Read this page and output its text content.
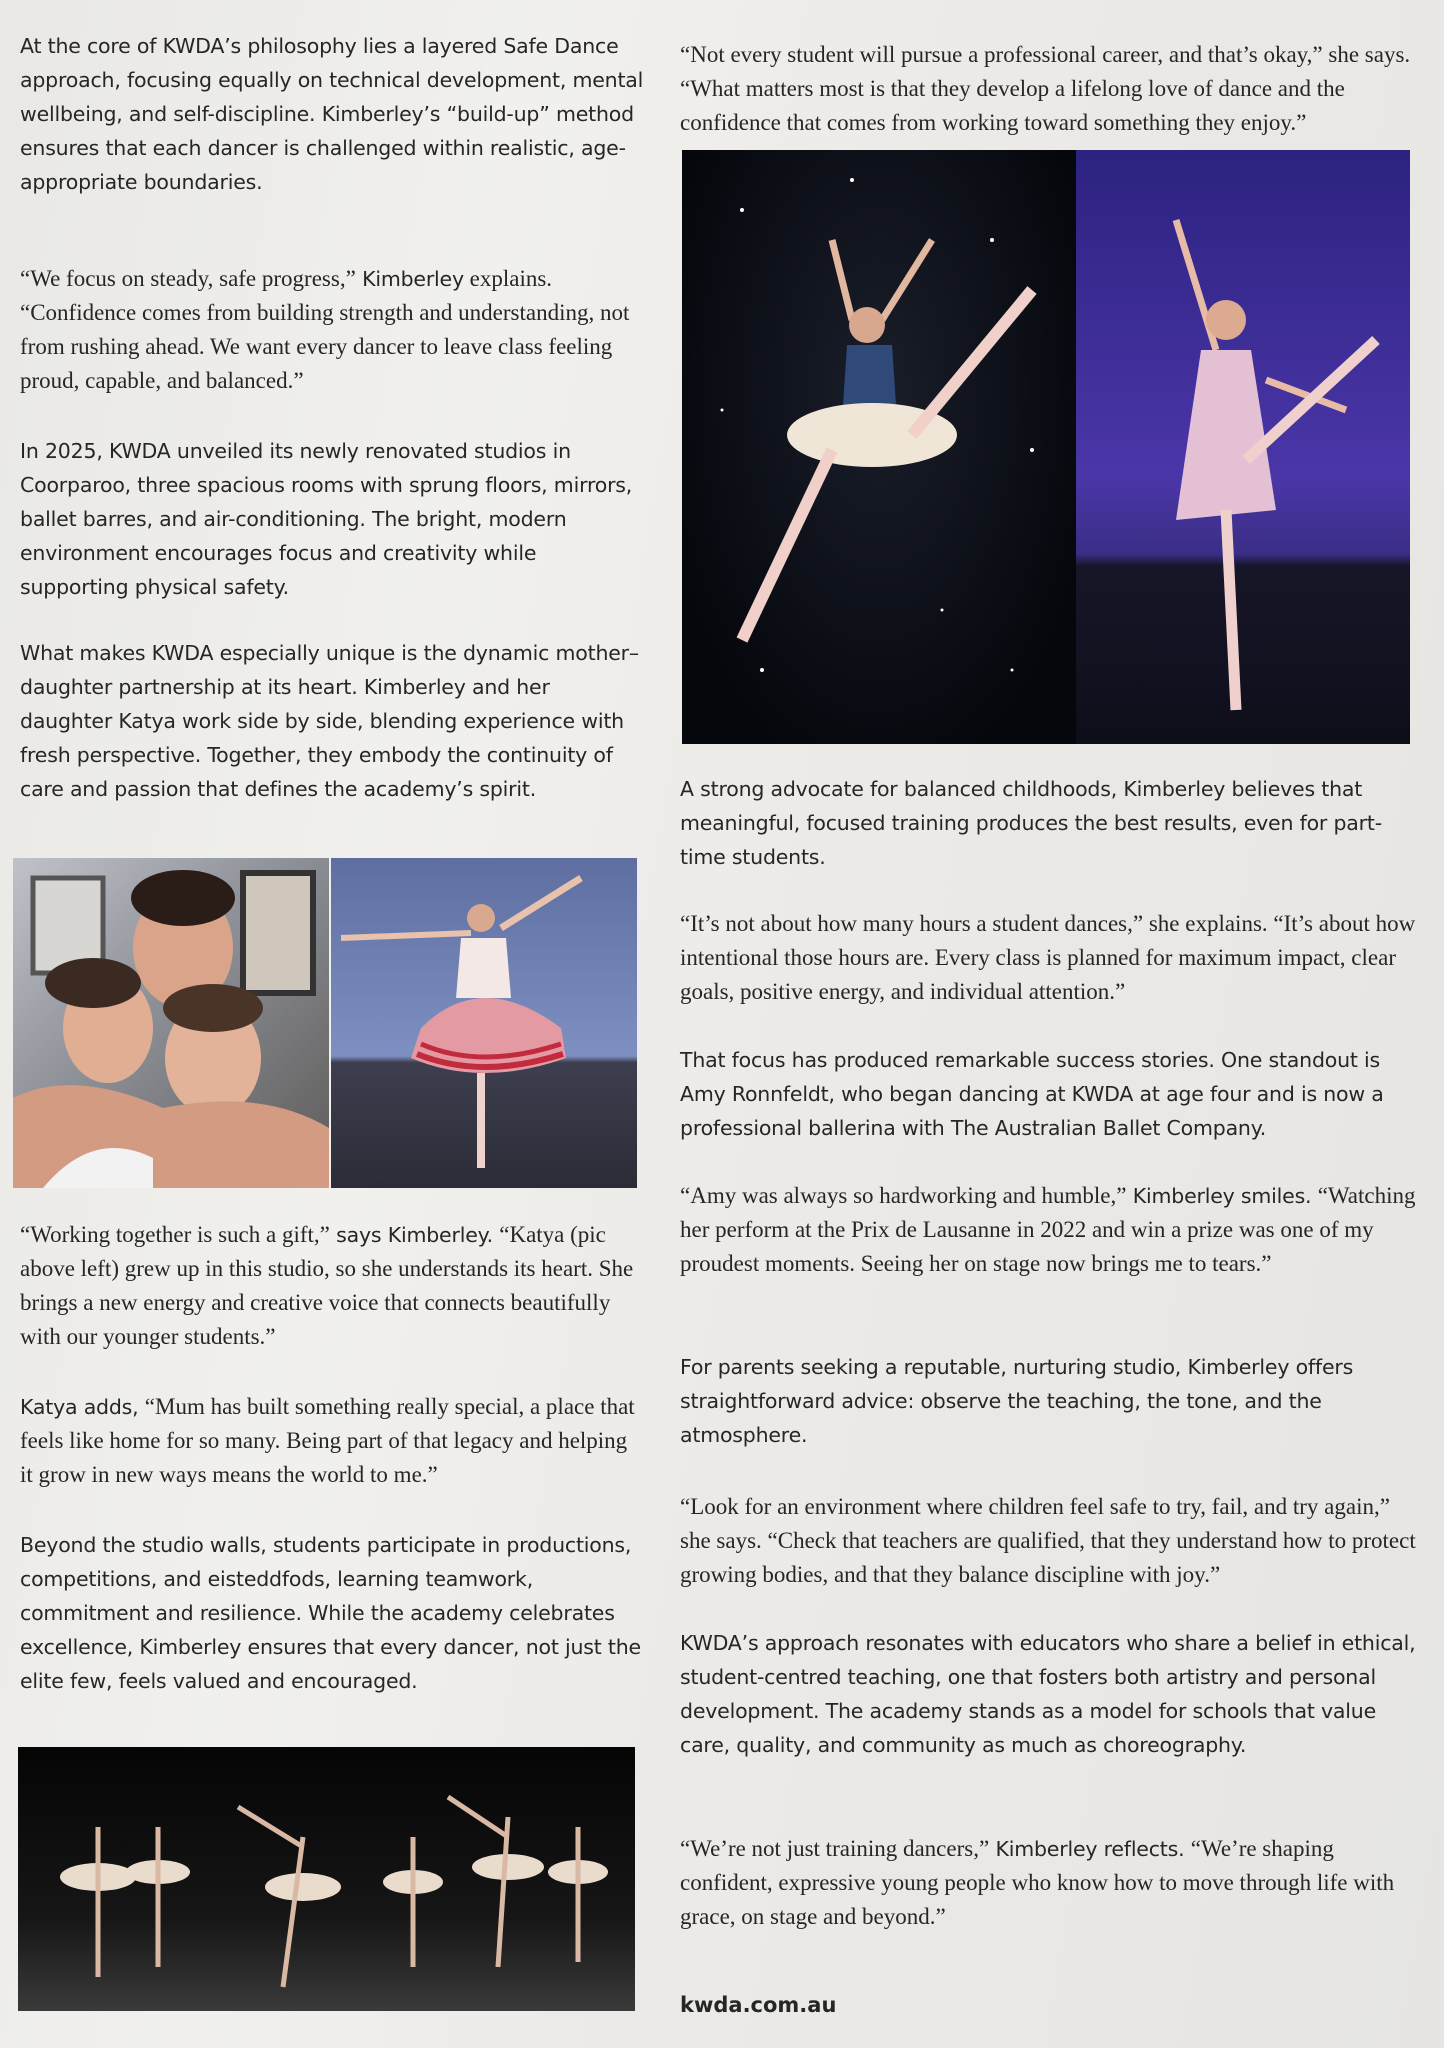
At the core of KWDA’s philosophy lies a layered Safe Dance approach, focusing equally on technical development, mental wellbeing, and self-discipline. Kimberley’s “build-up” method ensures that each dancer is challenged within realistic, age-appropriate boundaries.

“We focus on steady, safe progress,” Kimberley explains. “Confidence comes from building strength and understanding, not from rushing ahead. We want every dancer to leave class feeling proud, capable, and balanced.”

In 2025, KWDA unveiled its newly renovated studios in Coorparoo, three spacious rooms with sprung floors, mirrors, ballet barres, and air-conditioning. The bright, modern environment encourages focus and creativity while supporting physical safety.

What makes KWDA especially unique is the dynamic mother–daughter partnership at its heart. Kimberley and her daughter Katya work side by side, blending experience with fresh perspective. Together, they embody the continuity of care and passion that defines the academy’s spirit.

“Working together is such a gift,” says Kimberley. “Katya (pic above left) grew up in this studio, so she understands its heart. She brings a new energy and creative voice that connects beautifully with our younger students.”

Katya adds, “Mum has built something really special, a place that feels like home for so many. Being part of that legacy and helping it grow in new ways means the world to me.”

Beyond the studio walls, students participate in productions, competitions, and eisteddfods, learning teamwork, commitment and resilience. While the academy celebrates excellence, Kimberley ensures that every dancer, not just the elite few, feels valued and encouraged.

“Not every student will pursue a professional career, and that’s okay,” she says. “What matters most is that they develop a lifelong love of dance and the confidence that comes from working toward something they enjoy.”

A strong advocate for balanced childhoods, Kimberley believes that meaningful, focused training produces the best results, even for part-time students.

“It’s not about how many hours a student dances,” she explains. “It’s about how intentional those hours are. Every class is planned for maximum impact, clear goals, positive energy, and individual attention.”

That focus has produced remarkable success stories. One standout is Amy Ronnfeldt, who began dancing at KWDA at age four and is now a professional ballerina with The Australian Ballet Company.

“Amy was always so hardworking and humble,” Kimberley smiles. “Watching her perform at the Prix de Lausanne in 2022 and win a prize was one of my proudest moments. Seeing her on stage now brings me to tears.”

For parents seeking a reputable, nurturing studio, Kimberley offers straightforward advice: observe the teaching, the tone, and the atmosphere.

“Look for an environment where children feel safe to try, fail, and try again,” she says. “Check that teachers are qualified, that they understand how to protect growing bodies, and that they balance discipline with joy.”

KWDA’s approach resonates with educators who share a belief in ethical, student-centred teaching, one that fosters both artistry and personal development. The academy stands as a model for schools that value care, quality, and community as much as choreography.

“We’re not just training dancers,” Kimberley reflects. “We’re shaping confident, expressive young people who know how to move through life with grace, on stage and beyond.”

kwda.com.au
